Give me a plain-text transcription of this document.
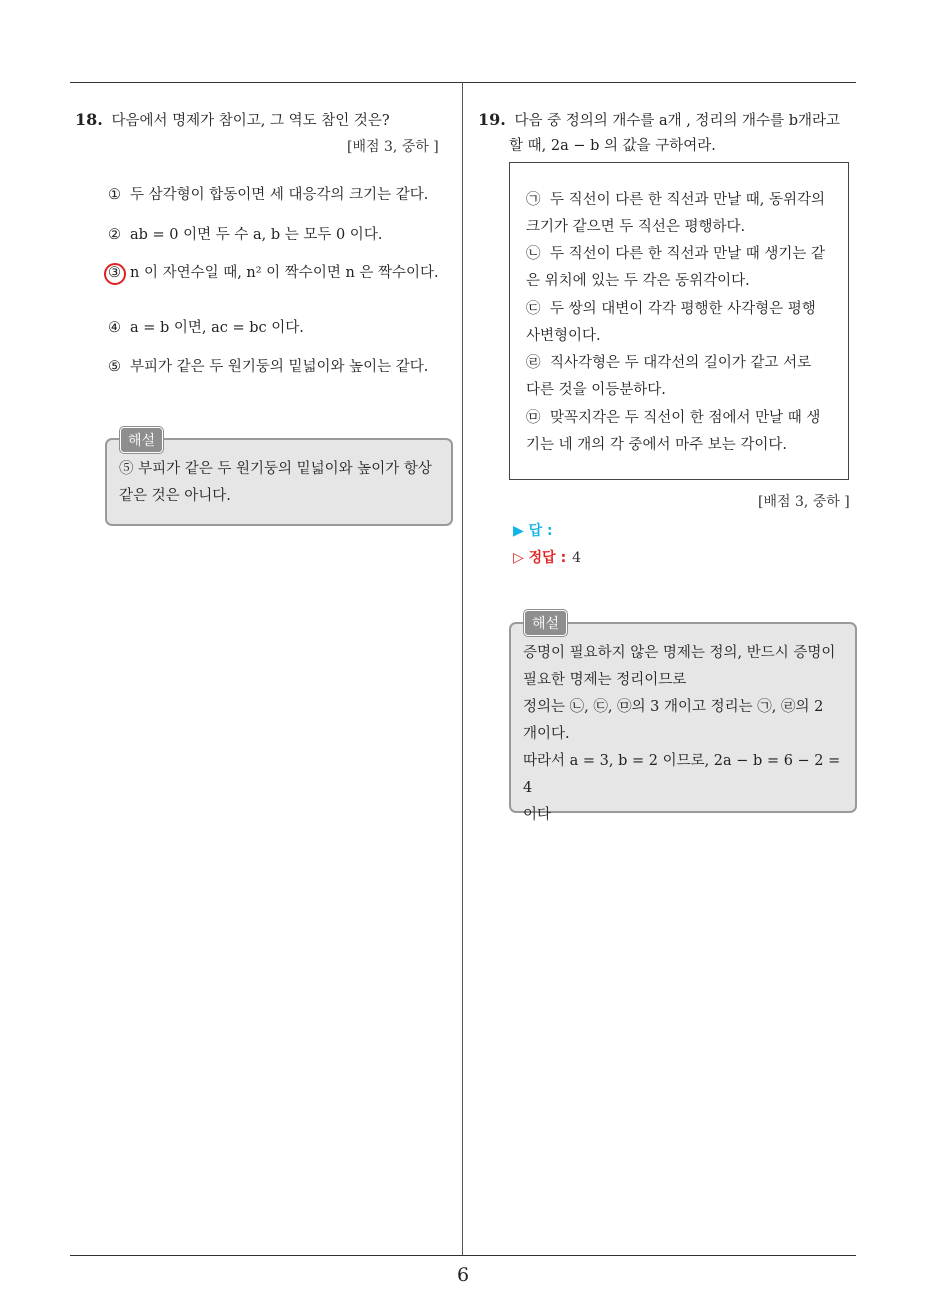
18. 다음에서 명제가 참이고, 그 역도 참인 것은?
[배점 3, 중하 ]
① 두 삼각형이 합동이면 세 대응각의 크기는 같다.
② ab = 0 이면 두 수 a, b 는 모두 0 이다.
③ n 이 자연수일 때, n² 이 짝수이면 n 은 짝수이다.
④ a = b 이면, ac = bc 이다.
⑤ 부피가 같은 두 원기둥의 밑넓이와 높이는 같다.
⑤ 부피가 같은 두 원기둥의 밑넓이와 높이가 항상 같은 것은 아니다.
해설
19. 다음 중 정의의 개수를 a개 , 정리의 개수를 b개라고
할 때, 2a − b 의 값을 구하여라.
㉠ 두 직선이 다른 한 직선과 만날 때, 동위각의 크기가 같으면 두 직선은 평행하다.
㉡ 두 직선이 다른 한 직선과 만날 때 생기는 같은 위치에 있는 두 각은 동위각이다.
㉢ 두 쌍의 대변이 각각 평행한 사각형은 평행사변형이다.
㉣ 직사각형은 두 대각선의 길이가 같고 서로 다른 것을 이등분하다.
㉤ 맞꼭지각은 두 직선이 한 점에서 만날 때 생기는 네 개의 각 중에서 마주 보는 각이다.
[배점 3, 중하 ]
▶ 답 :
▷ 정답 : 4
증명이 필요하지 않은 명제는 정의, 반드시 증명이
필요한 명제는 정리이므로
정의는 ㉡, ㉢, ㉤의 3 개이고 정리는 ㉠, ㉣의 2
개이다.
따라서 a = 3, b = 2 이므로, 2a − b = 6 − 2 = 4
이다
해설
6
